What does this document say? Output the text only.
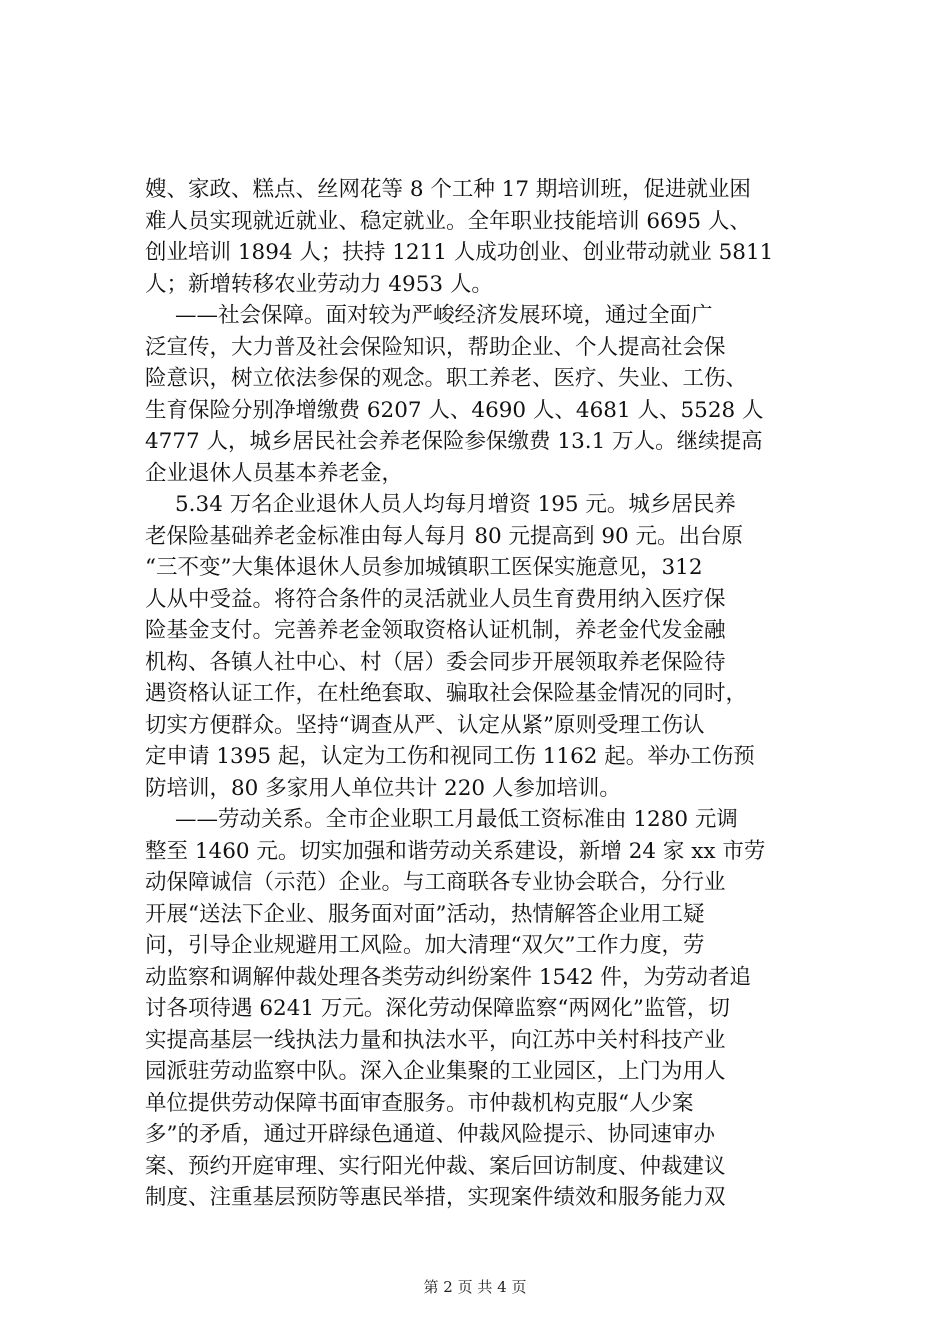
嫂、家政、糕点、丝网花等 8 个工种 17 期培训班，促进就业困
难人员实现就近就业、稳定就业。全年职业技能培训 6695 人、
创业培训 1894 人；扶持 1211 人成功创业、创业带动就业 5811
人；新增转移农业劳动力 4953 人。
——社会保障。面对较为严峻经济发展环境，通过全面广
泛宣传，大力普及社会保险知识，帮助企业、个人提高社会保
险意识，树立依法参保的观念。职工养老、医疗、失业、工伤、
生育保险分别净增缴费 6207 人、4690 人、4681 人、5528 人
4777 人，城乡居民社会养老保险参保缴费 13.1 万人。继续提高
企业退休人员基本养老金，
5.34 万名企业退休人员人均每月增资 195 元。城乡居民养
老保险基础养老金标准由每人每月 80 元提高到 90 元。出台原
“三不变”大集体退休人员参加城镇职工医保实施意见，312
人从中受益。将符合条件的灵活就业人员生育费用纳入医疗保
险基金支付。完善养老金领取资格认证机制，养老金代发金融
机构、各镇人社中心、村（居）委会同步开展领取养老保险待
遇资格认证工作，在杜绝套取、骗取社会保险基金情况的同时，
切实方便群众。坚持“调查从严、认定从紧”原则受理工伤认
定申请 1395 起，认定为工伤和视同工伤 1162 起。举办工伤预
防培训，80 多家用人单位共计 220 人参加培训。
——劳动关系。全市企业职工月最低工资标准由 1280 元调
整至 1460 元。切实加强和谐劳动关系建设，新增 24 家 xx 市劳
动保障诚信（示范）企业。与工商联各专业协会联合，分行业
开展“送法下企业、服务面对面”活动，热情解答企业用工疑
问，引导企业规避用工风险。加大清理“双欠”工作力度，劳
动监察和调解仲裁处理各类劳动纠纷案件 1542 件，为劳动者追
讨各项待遇 6241 万元。深化劳动保障监察“两网化”监管，切
实提高基层一线执法力量和执法水平，向江苏中关村科技产业
园派驻劳动监察中队。深入企业集聚的工业园区，上门为用人
单位提供劳动保障书面审查服务。市仲裁机构克服“人少案
多”的矛盾，通过开辟绿色通道、仲裁风险提示、协同速审办
案、预约开庭审理、实行阳光仲裁、案后回访制度、仲裁建议
制度、注重基层预防等惠民举措，实现案件绩效和服务能力双
第 2 页 共 4 页
